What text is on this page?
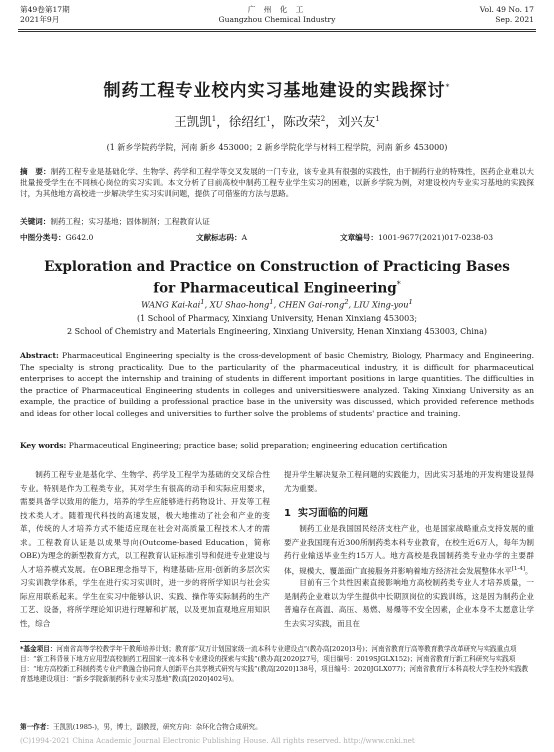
第49卷第17期
2021年9月
广 州 化 工
Guangzhou Chemical Industry
Vol. 49 No. 17
Sep. 2021
制药工程专业校内实习基地建设的实践探讨*
王凯凯$^1$，徐绍红$^1$，陈改荣$^2$，刘兴友$^1$
(1 新乡学院药学院，河南 新乡 453000；2 新乡学院化学与材料工程学院，河南 新乡 453000)
摘　要：制药工程专业是基础化学、生物学、药学和工程学等交叉发展的一门专业，该专业具有很强的实践性，由于制药行业的特殊性，医药企业难以大批量接受学生在不同核心岗位的实习实训。本文分析了目前高校中制药工程专业学生实习的困难，以新乡学院为例，对建设校内专业实习基地的实践探讨，为其他地方高校进一步解决学生实习实训问题，提供了可借鉴的方法与思路。
关键词：制药工程；实习基地；固体制剂；工程教育认证
中图分类号：G642.0	文献标志码：A	文章编号：1001-9677(2021)017-0238-03
Exploration and Practice on Construction of Practicing Bases
for Pharmaceutical Engineering*
WANG Kai-kai$^1$, XU Shao-hong$^1$, CHEN Gai-rong$^2$, LIU Xing-you$^1$
(1 School of Pharmacy, Xinxiang University, Henan Xinxiang 453003;
2 School of Chemistry and Materials Engineering, Xinxiang University, Henan Xinxiang 453003, China)
Abstract: Pharmaceutical Engineering specialty is the cross-development of basic Chemistry, Biology, Pharmacy and Engineering. The specialty is strong practicality. Due to the particularity of the pharmaceutical industry, it is difficult for pharmaceutical enterprises to accept the internship and training of students in different important positions in large quantities. The difficulties in the practice of Pharmaceutical Engineering students in colleges and universitieswere analyzed. Taking Xinxiang University as an example, the practice of building a professional practice base in the university was discussed, which provided reference methods and ideas for other local colleges and universities to further solve the problems of students' practice and training.
Key words: Pharmaceutical Engineering; practice base; solid preparation; engineering education certification
制药工程专业是基化学、生物学、药学及工程学为基础的交叉综合性专业。特别是作为工程类专业，其对学生有很高的动手和实际应用要求，需要具备学以致用的能力，培养的学生应能够进行药物设计、开发等工程技术类人才。随着现代科技的高速发展，极大地推动了社会和产业的变革，传统的人才培养方式不能适应现在社会对高质量工程技术人才的需求。工程教育认证是以成果导向(Outcome-based Education，简称OBE)为理念的新型教育方式，以工程教育认证标准引导和促进专业建设与人才培养模式发展。在OBE理念指导下，构建基础-应用-创新的多层次实习实训教学体系，学生在进行实习实训时，进一步的将所学知识与社会实际应用联系起来。学生在实习中能够认识、实践、操作等实际制药的生产工艺、设备，将所学理论知识进行理解和扩展，以及更加直观地应用知识性，综合
提升学生解决复杂工程问题的实践能力，因此实习基地的开发构建设显得尤为重要。
1 实习面临的问题
制药工业是我国国民经济支柱产业，也是国家战略重点支持发展的重要产业我国现有近300所制药类本科专业教育，在校生近6万人，每年为制药行业输送毕业生约15万人。地方高校是我国制药类专业办学的主要群体，规模大、覆盖面广直接服务并影响着地方经济社会发展整体水平[1-4]。
目前有三个共性因素直接影响地方高校制药类专业人才培养质量，一是制药企业难以为学生提供中长期顶岗位的实践训练，这是因为制药企业普遍存在高温、高压、易燃、易爆等不安全因素，企业本身不太愿意让学生去实习实践，而且在
*基金项目：河南省高等学校教学年干教师培养计划；教育部“双万计划国家级一流本科专业建设点”(教办高[2020]3号)；河南省教育厅高等教育教学改革研究与实践重点项目：“新工科背景下地方应用型高校制药工程国家一流本科专业建设的探索与实践”(教办高[2020]27号，项目编号：2019SJGLX152)；河南省教育厅新工科研究与实践项目：“地方高校新工科制药类专业产教融合协同育人创新平台共享模式研究与实践”(教高[2020]138号，项目编号：2020JGLX077)；河南省教育厅本科高校大学生校外实践教育基地建设项目：“新乡学院新制药科专业实习基地”教(高[2020]402号)。
第一作者：王凯凯(1985-)，男，博士，副教授，研究方向：杂环化合物合成研究。
(C)1994-2021 China Academic Journal Electronic Publishing House. All rights reserved. http://www.cnki.net
